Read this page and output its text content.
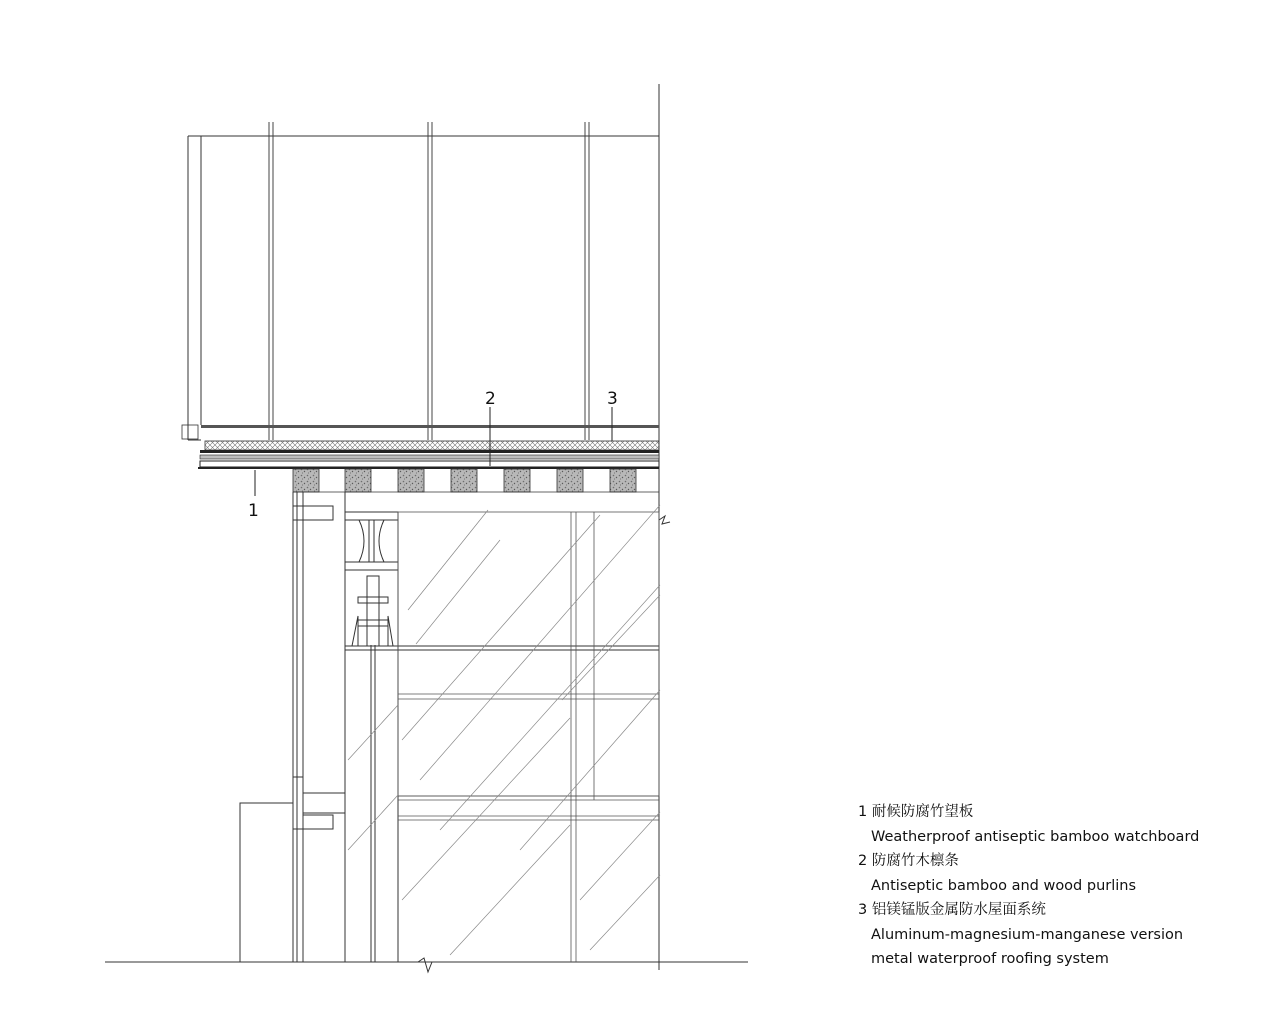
1
2	3
1 耐候防腐竹望板
Weatherproof antiseptic bamboo watchboard
2 防腐竹木檩条
Antiseptic bamboo and wood purlins
3 铝镁锰版金属防水屋面系统
Aluminum-magnesium-manganese version
metal waterproof roofing system
